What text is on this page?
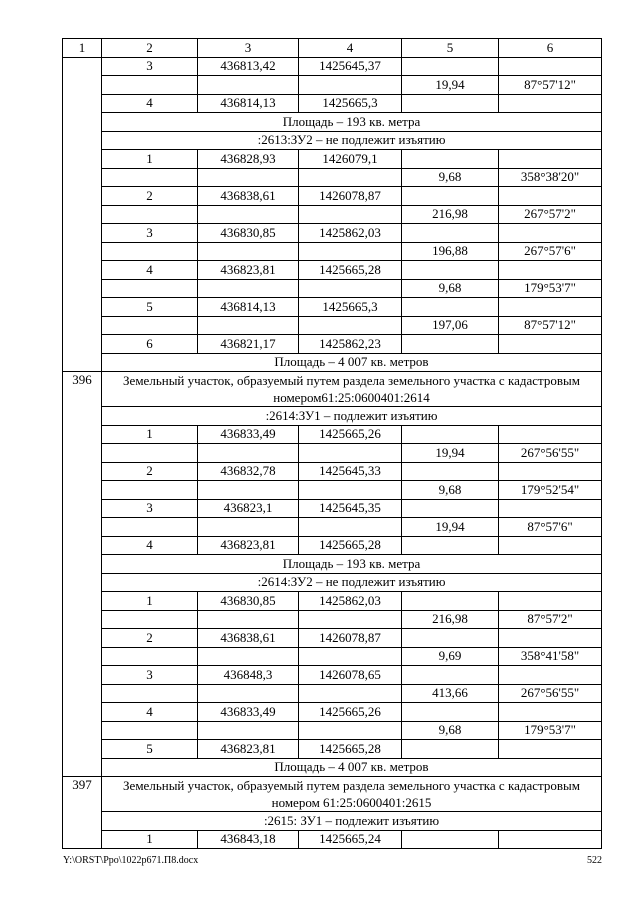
1	2	3	4	5	6
	3	436813,42	1425645,37		
				19,94	87°57'12"
	4	436814,13	1425665,3		
	Площадь – 193 кв. метра				
	:2613:ЗУ2 – не подлежит изъятию				
	1	436828,93	1426079,1		
				9,68	358°38'20"
	2	436838,61	1426078,87		
				216,98	267°57'2"
	3	436830,85	1425862,03		
				196,88	267°57'6"
	4	436823,81	1425665,28		
				9,68	179°53'7"
	5	436814,13	1425665,3		
				197,06	87°57'12"
	6	436821,17	1425862,23		
	Площадь – 4 007 кв. метров				
396	Земельный участок, образуемый путем раздела земельного участка с кадастровым номером61:25:0600401:2614				
	:2614:ЗУ1 – подлежит изъятию				
	1	436833,49	1425665,26		
				19,94	267°56'55"
	2	436832,78	1425645,33		
				9,68	179°52'54"
	3	436823,1	1425645,35		
				19,94	87°57'6"
	4	436823,81	1425665,28		
	Площадь – 193 кв. метра				
	:2614:ЗУ2 – не подлежит изъятию				
	1	436830,85	1425862,03		
				216,98	87°57'2"
	2	436838,61	1426078,87		
				9,69	358°41'58"
	3	436848,3	1426078,65		
				413,66	267°56'55"
	4	436833,49	1425665,26		
				9,68	179°53'7"
	5	436823,81	1425665,28		
	Площадь – 4 007 кв. метров				
397	Земельный участок, образуемый путем раздела земельного участка с кадастровым номером 61:25:0600401:2615				
	:2615: ЗУ1 – подлежит изъятию				
	1	436843,18	1425665,24		
Y:\ORST\Ppo\1022p671.П8.docx	522
